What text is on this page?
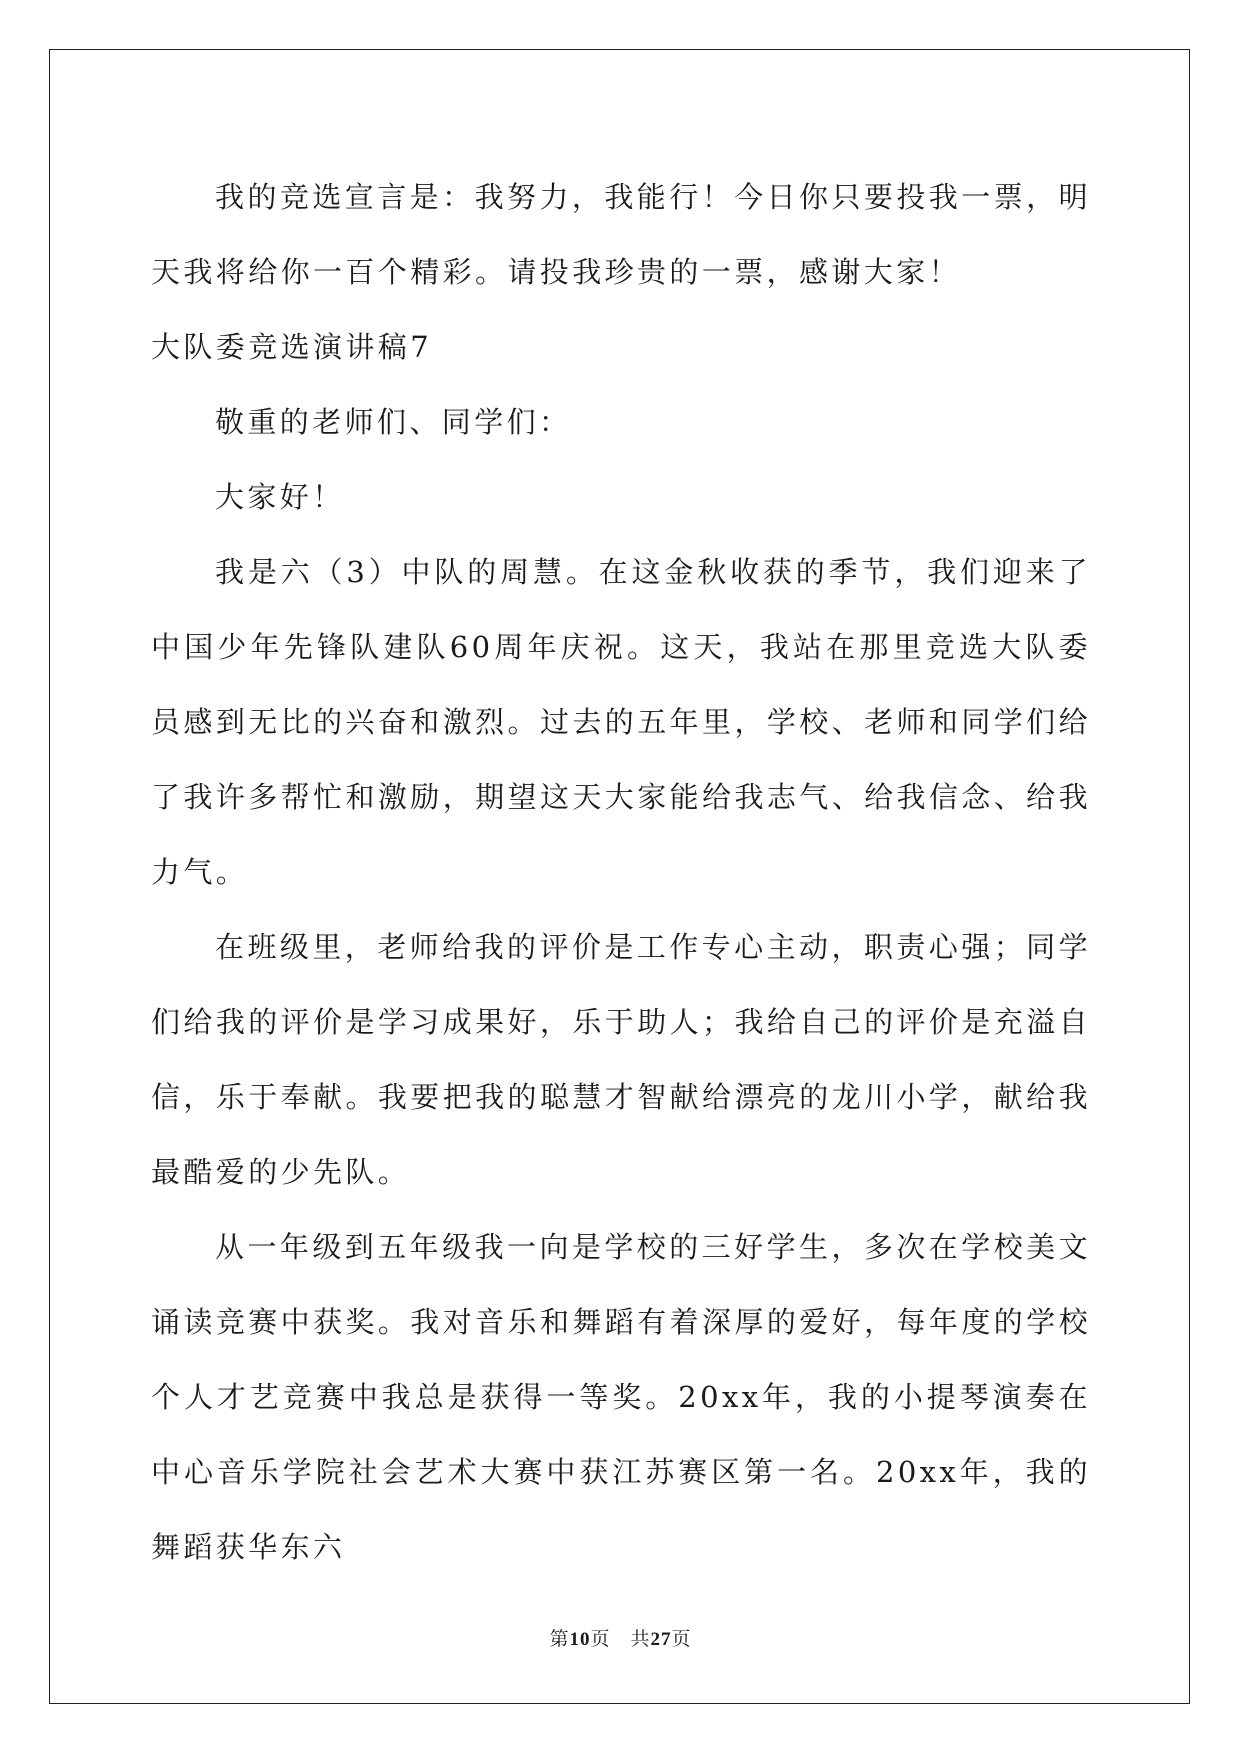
我的竞选宣言是：我努力，我能行！今日你只要投我一票，明天我将给你一百个精彩。请投我珍贵的一票，感谢大家！

大队委竞选演讲稿7

敬重的老师们、同学们：

大家好！

我是六（3）中队的周慧。在这金秋收获的季节，我们迎来了中国少年先锋队建队60周年庆祝。这天，我站在那里竞选大队委员感到无比的兴奋和激烈。过去的五年里，学校、老师和同学们给了我许多帮忙和激励，期望这天大家能给我志气、给我信念、给我力气。

在班级里，老师给我的评价是工作专心主动，职责心强；同学们给我的评价是学习成果好，乐于助人；我给自己的评价是充溢自信，乐于奉献。我要把我的聪慧才智献给漂亮的龙川小学，献给我最酷爱的少先队。

从一年级到五年级我一向是学校的三好学生，多次在学校美文诵读竞赛中获奖。我对音乐和舞蹈有着深厚的爱好，每年度的学校个人才艺竞赛中我总是获得一等奖。20xx年，我的小提琴演奏在中心音乐学院社会艺术大赛中获江苏赛区第一名。20xx年，我的舞蹈获华东六

第10页　共27页
